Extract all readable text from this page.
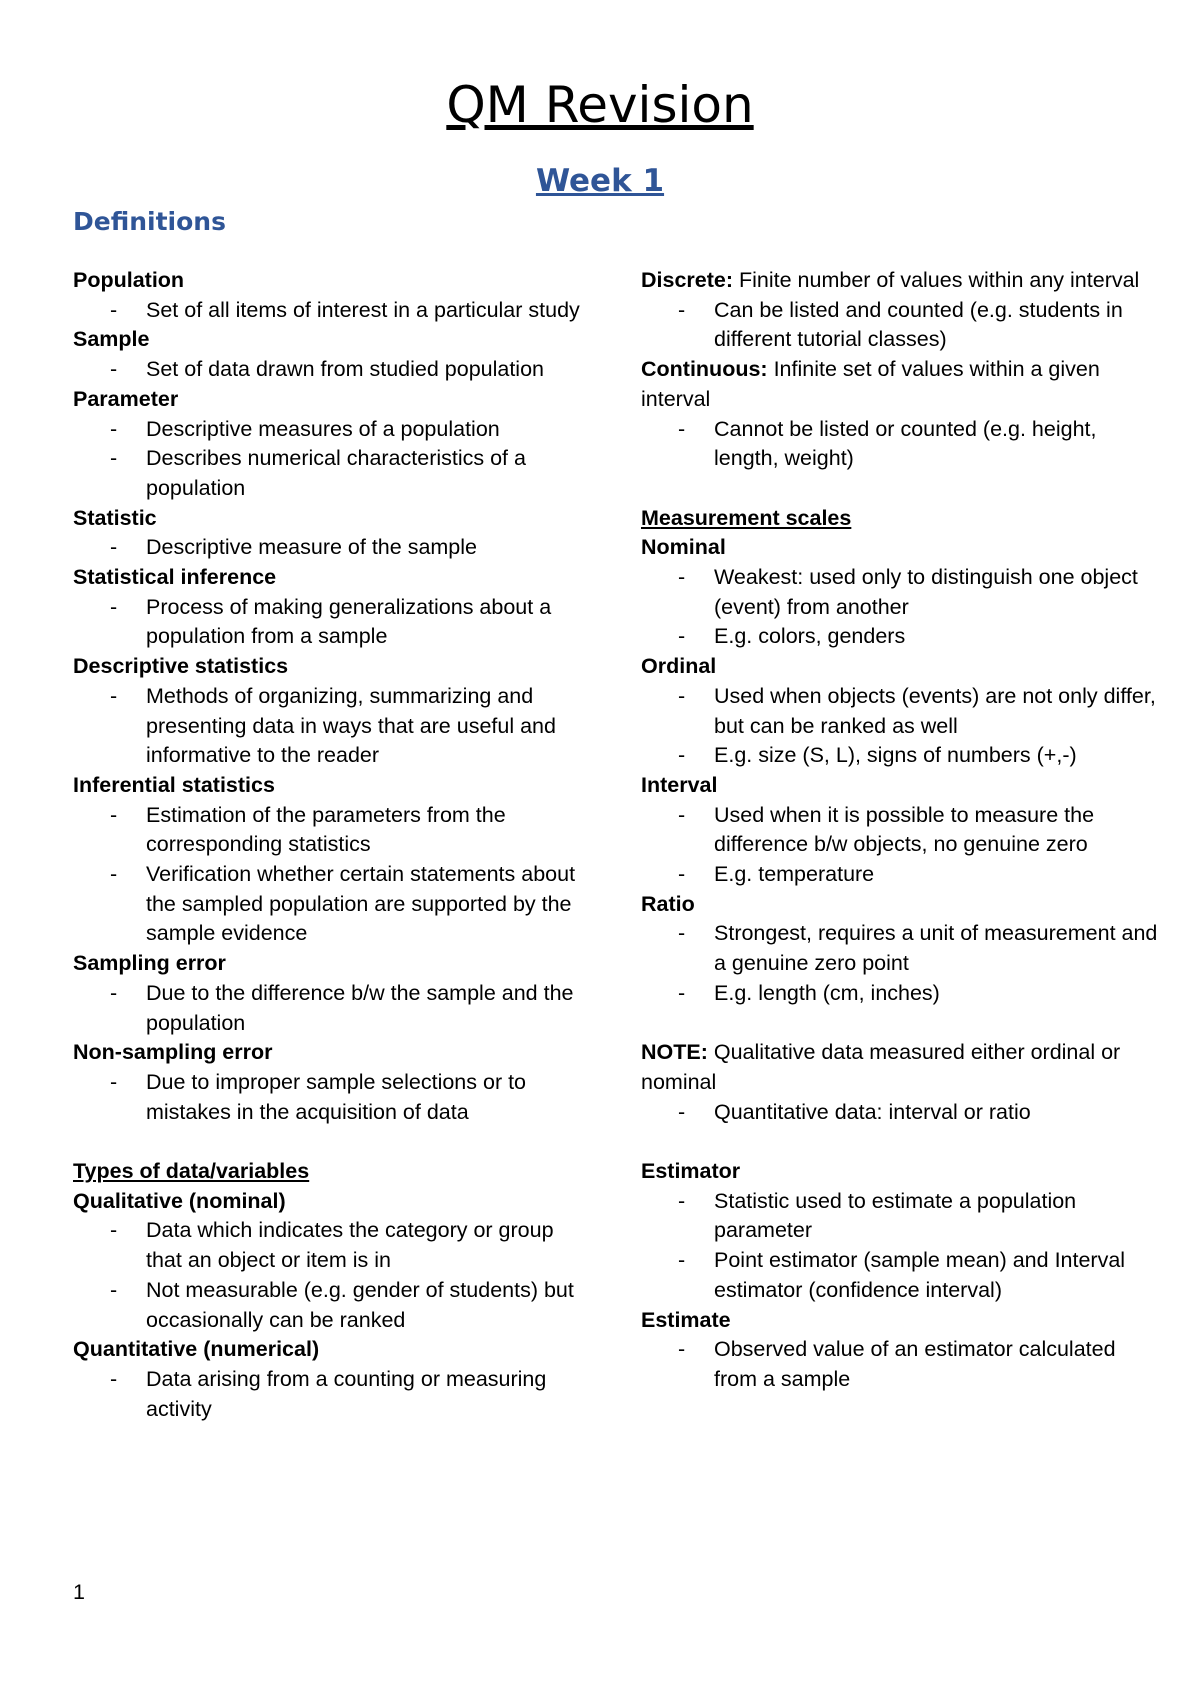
QM Revision
Week 1
Definitions

Population

- Set of all items of interest in a particular study

Sample

- Set of data drawn from studied population

Parameter

- Descriptive measures of a population
- Describes numerical characteristics of a population

Statistic

- Descriptive measure of the sample

Statistical inference

- Process of making generalizations about a population from a sample

Descriptive statistics

- Methods of organizing, summarizing and presenting data in ways that are useful and informative to the reader

Inferential statistics

- Estimation of the parameters from the corresponding statistics
- Verification whether certain statements about the sampled population are supported by the sample evidence

Sampling error

- Due to the difference b/w the sample and the population

Non-sampling error

- Due to improper sample selections or to mistakes in the acquisition of data

Types of data/variables

Qualitative (nominal)

- Data which indicates the category or group that an object or item is in
- Not measurable (e.g. gender of students) but occasionally can be ranked

Quantitative (numerical)

- Data arising from a counting or measuring activity

Discrete: Finite number of values within any interval

- Can be listed and counted (e.g. students in different tutorial classes)

Continuous: Infinite set of values within a given interval

- Cannot be listed or counted (e.g. height, length, weight)

Measurement scales

Nominal

- Weakest: used only to distinguish one object (event) from another
- E.g. colors, genders

Ordinal

- Used when objects (events) are not only differ, but can be ranked as well
- E.g. size (S, L), signs of numbers (+,-)

Interval

- Used when it is possible to measure the difference b/w objects, no genuine zero
- E.g. temperature

Ratio

- Strongest, requires a unit of measurement and a genuine zero point
- E.g. length (cm, inches)

NOTE: Qualitative data measured either ordinal or nominal

- Quantitative data: interval or ratio

Estimator

- Statistic used to estimate a population parameter
- Point estimator (sample mean) and Interval estimator (confidence interval)

Estimate

- Observed value of an estimator calculated from a sample
1
